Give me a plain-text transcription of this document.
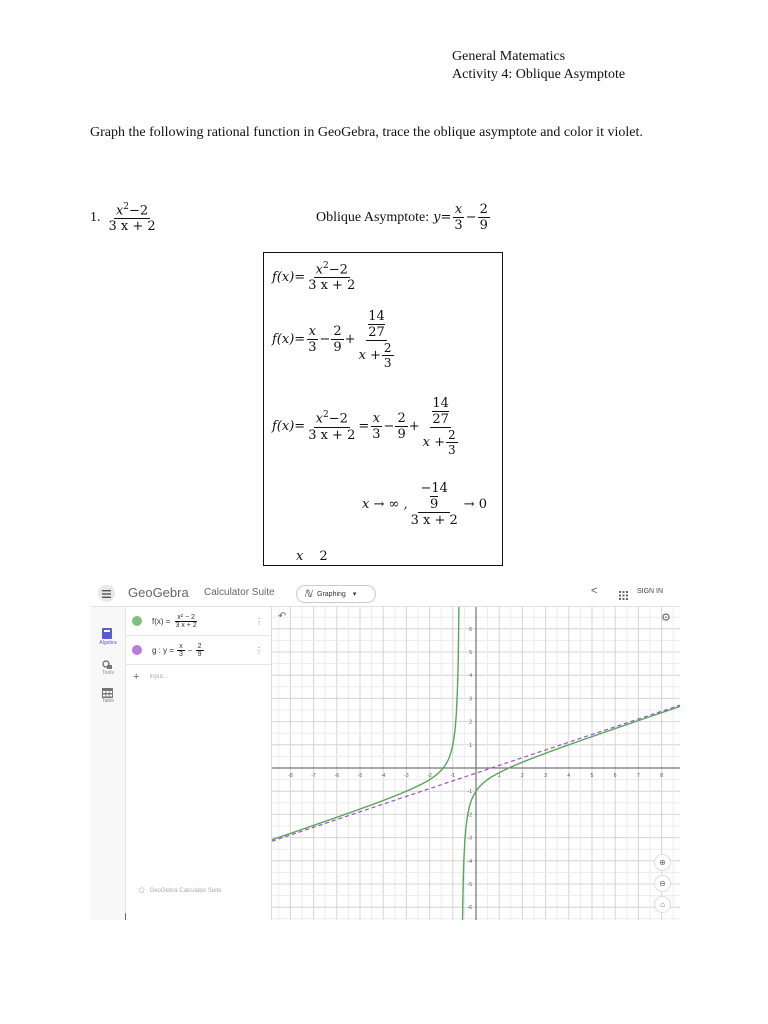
General Matematics
Activity 4: Oblique Asymptote
Graph the following rational function in GeoGebra, trace the oblique asymptote and color it violet.
1. $\frac{x^2-2}{3 x + 2}$	Oblique Asymptote: $y= \frac{x}{3} - \frac{2}{9}$
$f(x)= \frac{x^2-2}{3 x + 2}$
$f(x)= \frac{x}{3} - \frac{2}{9} + 14$
27
$x + \frac{2}{3}$
$f(x)= \frac{x^2-2}{3 x + 2} = \frac{x}{3} - \frac{2}{9} + 14$
27
$x + \frac{2}{3}$
x → ∞ , −14
9
3 x + 2 → 0
x 2
GeoGebra Calculator Suite	ℕ Graphing ▾	<	SIGN IN
Algebra
Tools
Table
$f(x) = \frac{\text{x² − 2}}{3 x + 2}$	⋮
g : $y = \frac{x}{3} - \frac{2}{9}$	⋮
+ Input...
✩ GeoGebra Calculator Suite
-8	-7	-6	-5	-4	-3	-2	-1	1	2	3	4	5	6	7	8
6
5
4
3
2
1
-1
-2
-3
-4
-5
-6
↶	⚙
⊕
⊖
⌂
